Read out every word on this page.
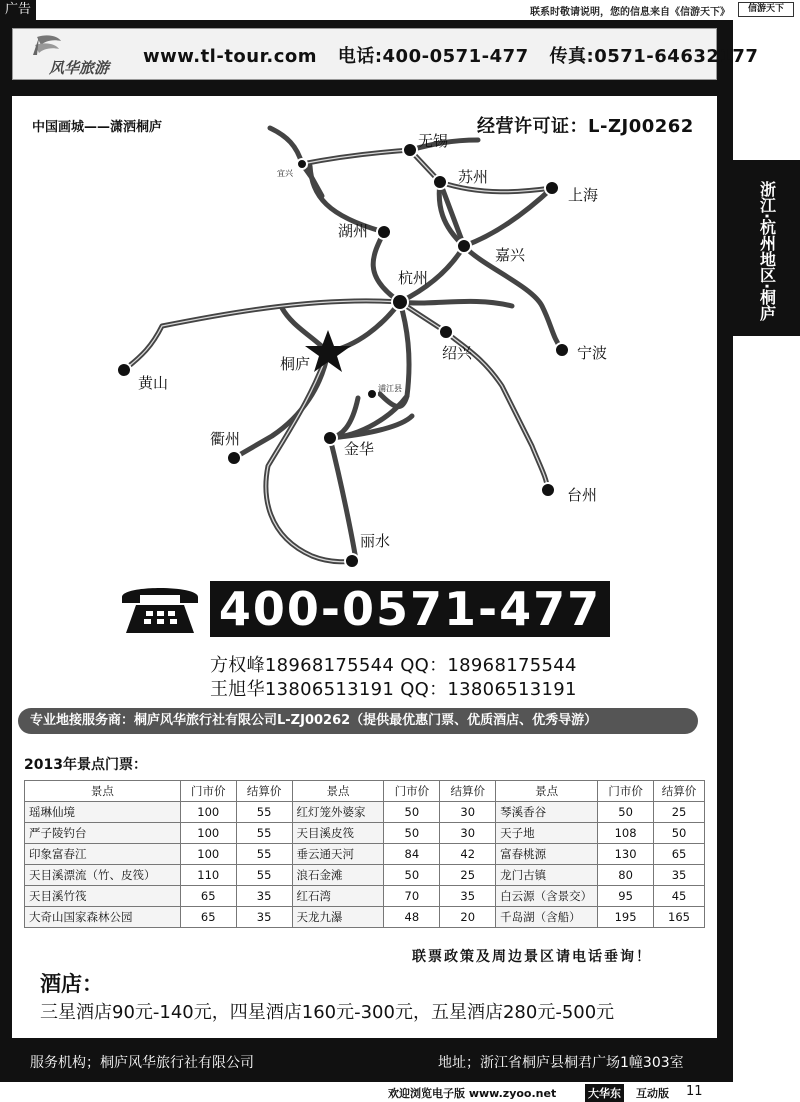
广告	联系时敬请说明，您的信息来自《信游天下》	信游天下
浙江·杭州地区·桐庐
风华旅游
www.tl-tour.com 电话:400-0571-477 传真:0571-64632177
无锡
宜兴	苏州
上海
湖州
嘉兴
杭州
绍兴	宁波
桐庐
浦江县
黄山
衢州
金华
台州
丽水
中国画城——潇洒桐庐	经营许可证：L-ZJ00262
400-0571-477
方权峰18968175544 QQ：18968175544
王旭华13806513191 QQ：13806513191
专业地接服务商：桐庐风华旅行社有限公司L-ZJ00262（提供最优惠门票、优质酒店、优秀导游）
2013年景点门票：
景点	门市价	结算价	景点	门市价	结算价	景点	门市价	结算价
瑶琳仙境	100	55	红灯笼外婆家	50	30	琴溪香谷	50	25
严子陵钓台	100	55	天目溪皮筏	50	30	天子地	108	50
印象富春江	100	55	垂云通天河	84	42	富春桃源	130	65
天目溪漂流（竹、皮筏）	110	55	浪石金滩	50	25	龙门古镇	80	35
天目溪竹筏	65	35	红石湾	70	35	白云源（含景交）	95	45
大奇山国家森林公园	65	35	天龙九瀑	48	20	千岛湖（含船）	195	165
联票政策及周边景区请电话垂询！
酒店：
三星酒店90元-140元，四星酒店160元-300元，五星酒店280元-500元
服务机构；桐庐风华旅行社有限公司	地址；浙江省桐庐县桐君广场1幢303室
欢迎浏览电子版 www.zyoo.net	大华东 互动版 11
